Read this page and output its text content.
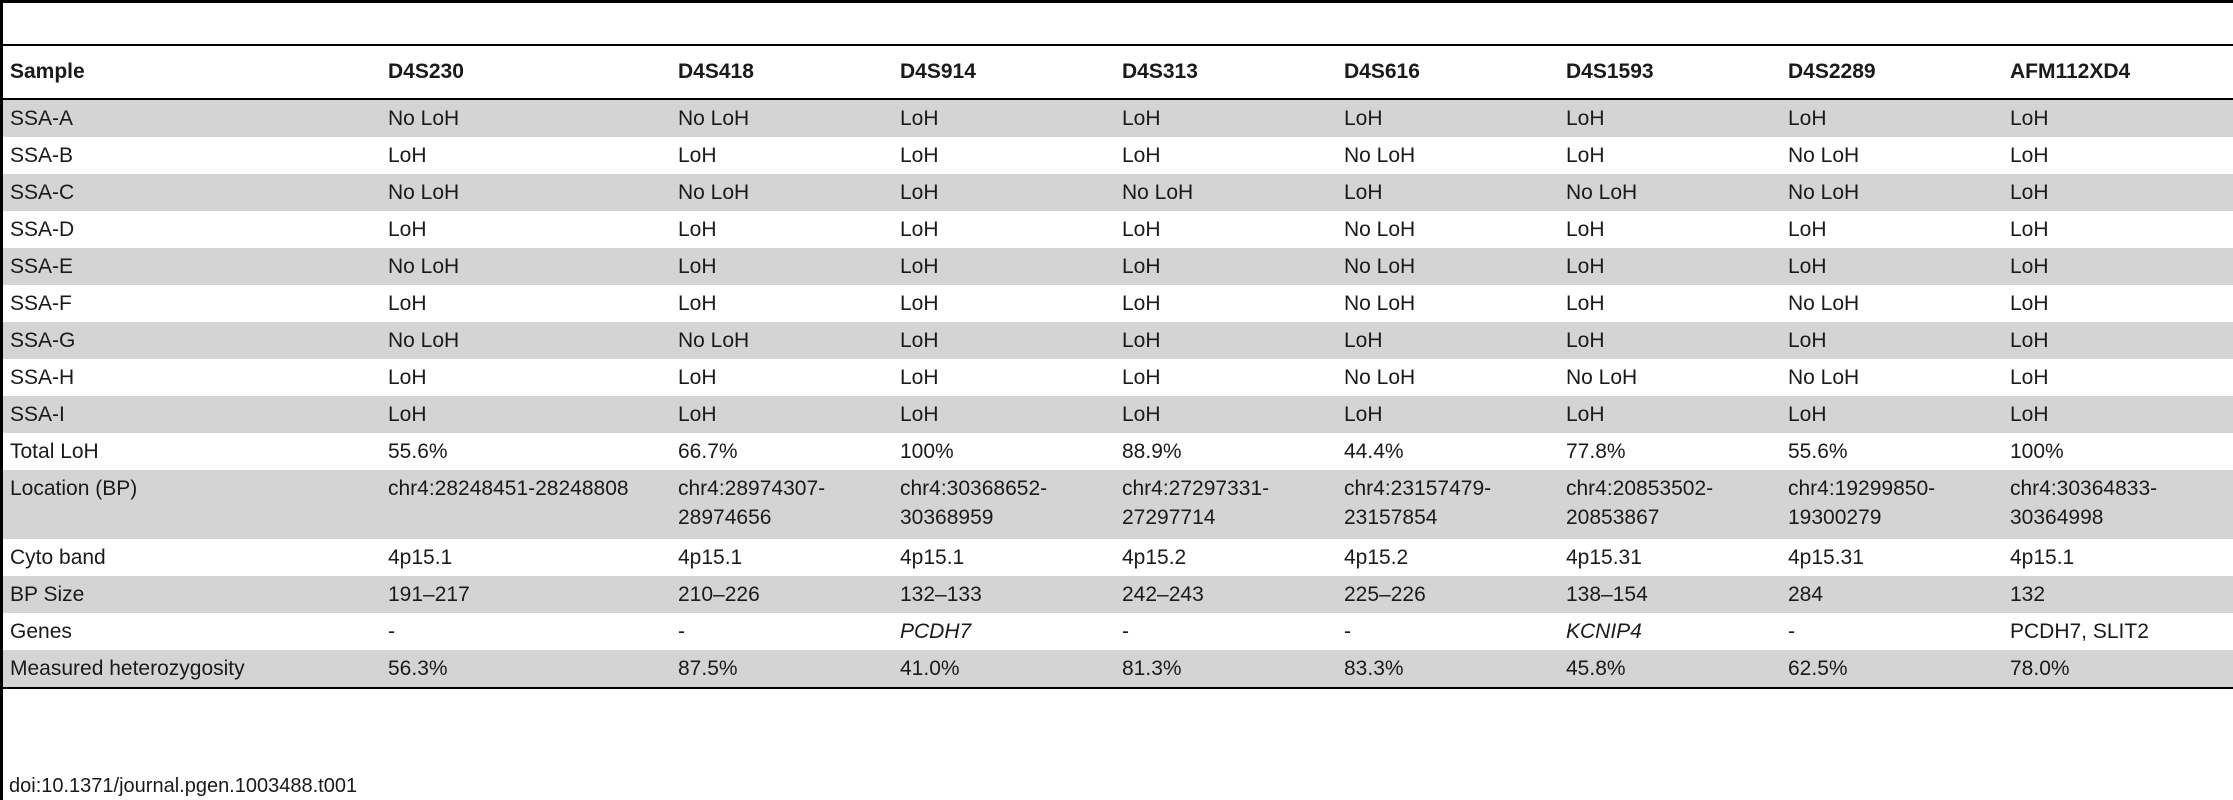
Sample	D4S230	D4S418	D4S914	D4S313	D4S616	D4S1593	D4S2289	AFM112XD4
SSA-A	No LoH	No LoH	LoH	LoH	LoH	LoH	LoH	LoH
SSA-B	LoH	LoH	LoH	LoH	No LoH	LoH	No LoH	LoH
SSA-C	No LoH	No LoH	LoH	No LoH	LoH	No LoH	No LoH	LoH
SSA-D	LoH	LoH	LoH	LoH	No LoH	LoH	LoH	LoH
SSA-E	No LoH	LoH	LoH	LoH	No LoH	LoH	LoH	LoH
SSA-F	LoH	LoH	LoH	LoH	No LoH	LoH	No LoH	LoH
SSA-G	No LoH	No LoH	LoH	LoH	LoH	LoH	LoH	LoH
SSA-H	LoH	LoH	LoH	LoH	No LoH	No LoH	No LoH	LoH
SSA-I	LoH	LoH	LoH	LoH	LoH	LoH	LoH	LoH
Total LoH	55.6%	66.7%	100%	88.9%	44.4%	77.8%	55.6%	100%
Location (BP)	chr4:28248451-28248808	chr4:28974307-28974656	chr4:30368652-30368959	chr4:27297331-27297714	chr4:23157479-23157854	chr4:20853502-20853867	chr4:19299850-19300279	chr4:30364833-30364998
Cyto band	4p15.1	4p15.1	4p15.1	4p15.2	4p15.2	4p15.31	4p15.31	4p15.1
BP Size	191–217	210–226	132–133	242–243	225–226	138–154	284	132
Genes	-	-	PCDH7	-	-	KCNIP4	-	PCDH7, SLIT2
Measured heterozygosity	56.3%	87.5%	41.0%	81.3%	83.3%	45.8%	62.5%	78.0%
doi:10.1371/journal.pgen.1003488.t001
